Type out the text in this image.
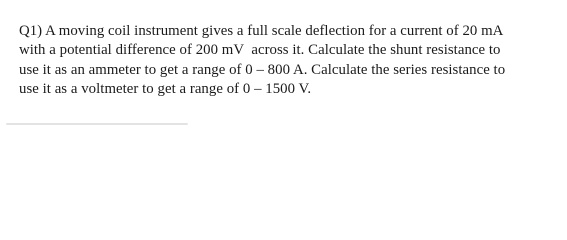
Q1) A moving coil instrument gives a full scale deflection for a current of 20 mA
with a potential difference of 200 mV  across it. Calculate the shunt resistance to
use it as an ammeter to get a range of 0 – 800 A. Calculate the series resistance to
use it as a voltmeter to get a range of 0 – 1500 V.
